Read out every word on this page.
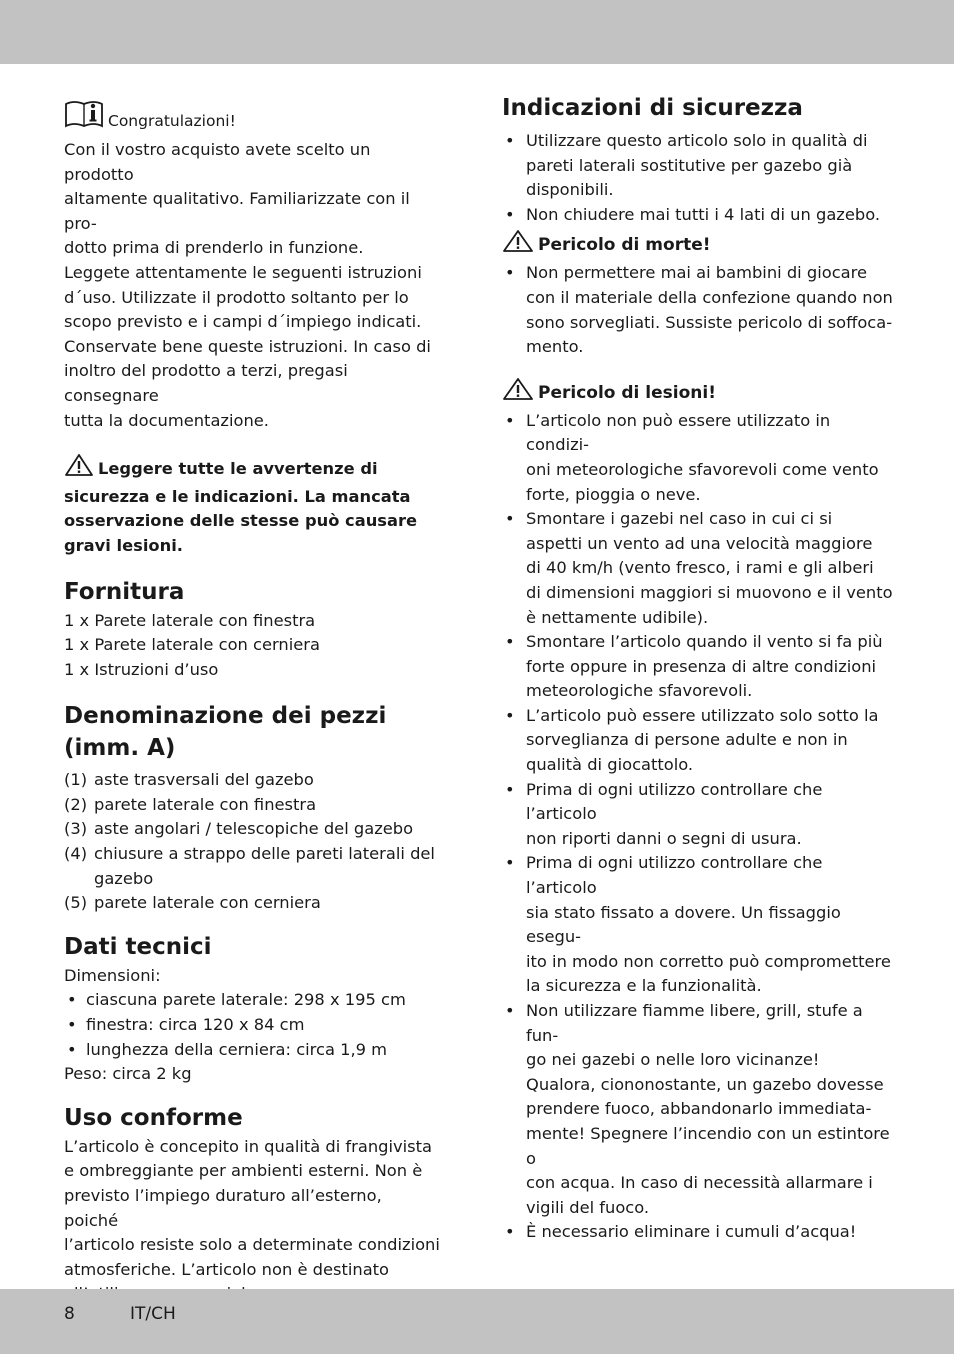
Congratulazioni!

Con il vostro acquisto avete scelto un prodotto

altamente qualitativo. Familiarizzate con il pro-

dotto prima di prenderlo in funzione.

Leggete attentamente le seguenti istruzioni

d´uso. Utilizzate il prodotto soltanto per lo

scopo previsto e i campi d´impiego indicati.

Conservate bene queste istruzioni. In caso di

inoltro del prodotto a terzi, pregasi consegnare

tutta la documentazione.

Leggere tutte le avvertenze di

sicurezza e le indicazioni. La mancata

osservazione delle stesse può causare

gravi lesioni.

Fornitura

1 x Parete laterale con finestra

1 x Parete laterale con cerniera

1 x Istruzioni d’uso

Denominazione dei pezzi
(imm. A)
(1) aste trasversali del gazebo
(2) parete laterale con finestra
(3) aste angolari / telescopiche del gazebo
(4) chiusure a strappo delle pareti laterali del
gazebo
(5) parete laterale con cerniera
Dati tecnici

Dimensioni:

• ciascuna parete laterale: 298 x 195 cm
• finestra: circa 120 x 84 cm
• lunghezza della cerniera: circa 1,9 m

Peso: circa 2 kg

Uso conforme

L’articolo è concepito in qualità di frangivista

e ombreggiante per ambienti esterni. Non è

previsto l’impiego duraturo all’esterno, poiché

l’articolo resiste solo a determinate condizioni

atmosferiche. L’articolo non è destinato

Indicazioni di sicurezza
• Utilizzare questo articolo solo in qualità di
pareti laterali sostitutive per gazebo già
disponibili.
• Non chiudere mai tutti i 4 lati di un gazebo.
Pericolo di morte!
• Non permettere mai ai bambini di giocare
con il materiale della confezione quando non
sono sorvegliati. Sussiste pericolo di soffoca-
mento.
Pericolo di lesioni!
• L’articolo non può essere utilizzato in condizi-
oni meteorologiche sfavorevoli come vento
forte, pioggia o neve.
• Smontare i gazebi nel caso in cui ci si
aspetti un vento ad una velocità maggiore
di 40 km/h (vento fresco, i rami e gli alberi
di dimensioni maggiori si muovono e il vento
è nettamente udibile).
• Smontare l’articolo quando il vento si fa più
forte oppure in presenza di altre condizioni
meteorologiche sfavorevoli.
• L’articolo può essere utilizzato solo sotto la
sorveglianza di persone adulte e non in
qualità di giocattolo.
• Prima di ogni utilizzo controllare che l’articolo
non riporti danni o segni di usura.
• Prima di ogni utilizzo controllare che l’articolo
sia stato fissato a dovere. Un fissaggio esegu-
ito in modo non corretto può compromettere
la sicurezza e la funzionalità.
• Non utilizzare fiamme libere, grill, stufe a fun-
go nei gazebi o nelle loro vicinanze!
Qualora, ciononostante, un gazebo dovesse
prendere fuoco, abbandonarlo immediata-
mente! Spegnere l’incendio con un estintore o
con acqua. In caso di necessità allarmare i
vigili del fuoco.
• È necessario eliminare i cumuli d’acqua!
8	IT/CH
